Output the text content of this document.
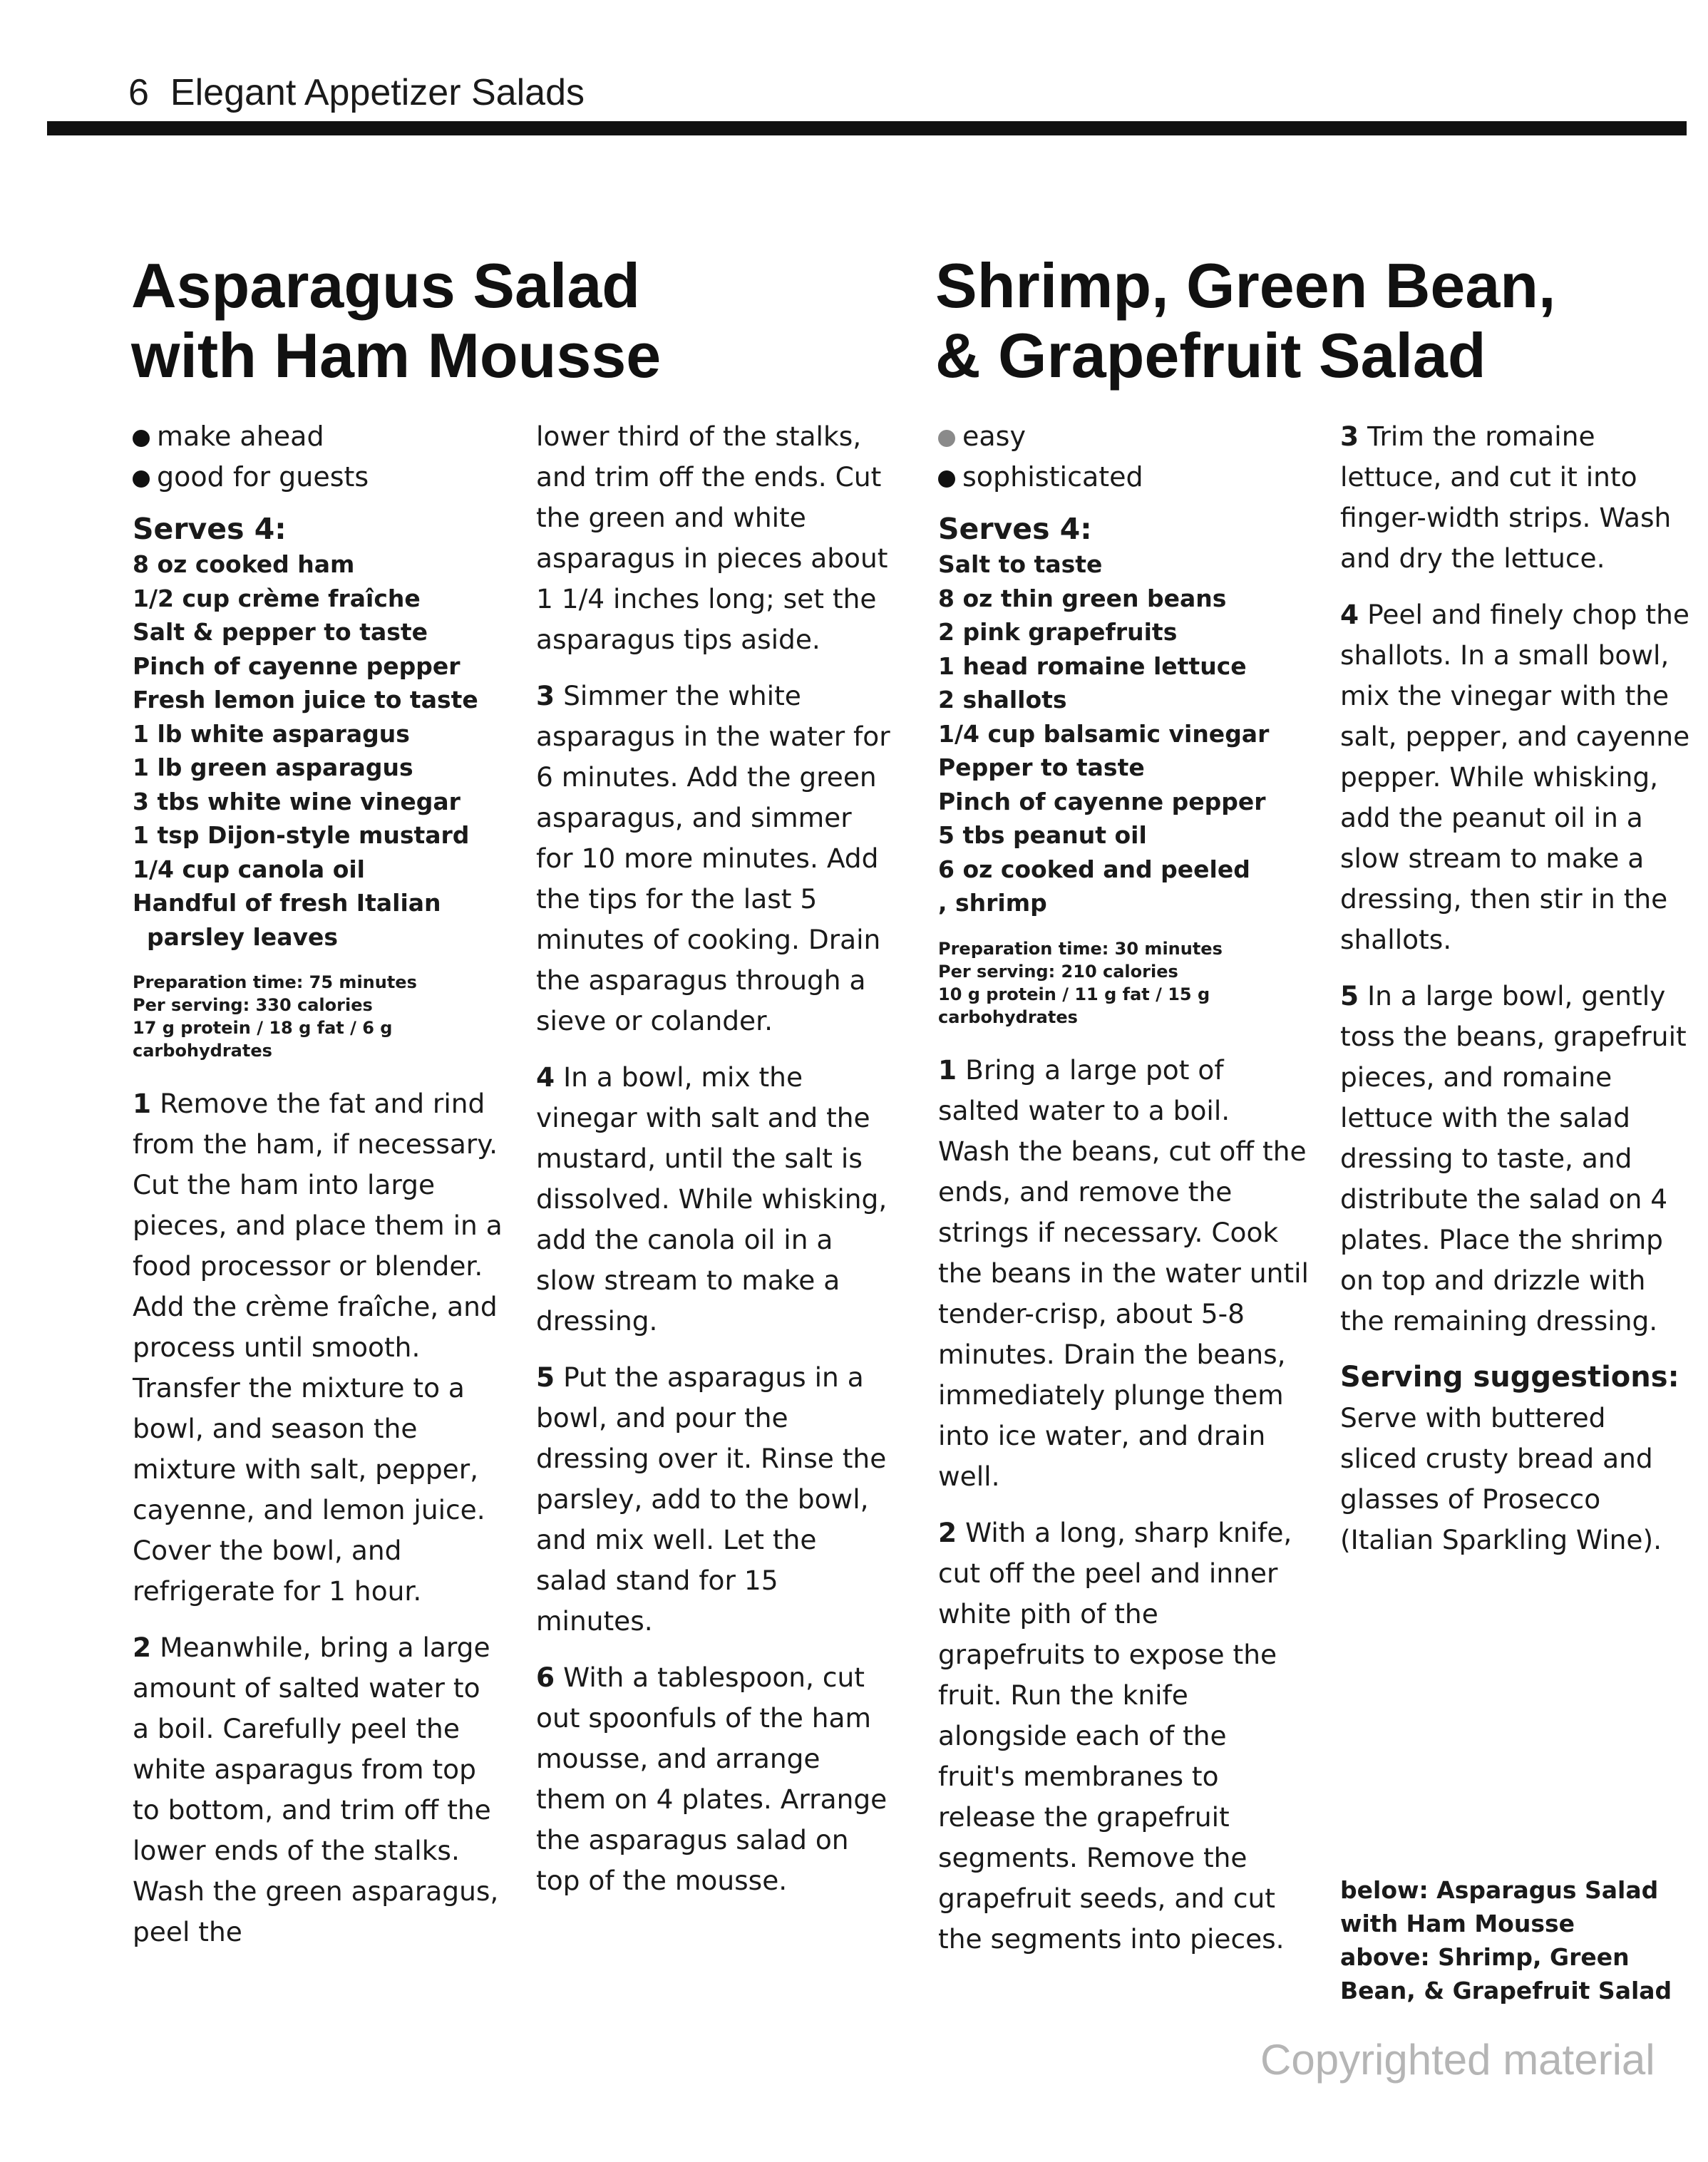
6 Elegant Appetizer Salads
Asparagus Salad
with Ham Mousse
Shrimp, Green Bean,
& Grapefruit Salad
make ahead
good for guests
Serves 4:
8 oz cooked ham
1/2 cup crème fraîche
Salt & pepper to taste
Pinch of cayenne pepper
Fresh lemon juice to taste
1 lb white asparagus
1 lb green asparagus
3 tbs white wine vinegar
1 tsp Dijon-style mustard
1/4 cup canola oil
Handful of fresh Italian
parsley leaves
Preparation time: 75 minutes
Per serving: 330 calories
17 g protein / 18 g fat / 6 g
carbohydrates

1 Remove the fat and rind from the ham, if necessary. Cut the ham into large pieces, and place them in a food processor or blender. Add the crème fraîche, and process until smooth. Transfer the mixture to a bowl, and season the mixture with salt, pepper, cayenne, and lemon juice. Cover the bowl, and refrigerate for 1 hour.

2 Meanwhile, bring a large amount of salted water to a boil. Carefully peel the white asparagus from top to bottom, and trim off the lower ends of the stalks. Wash the green asparagus, peel the

lower third of the stalks, and trim off the ends. Cut the green and white asparagus in pieces about 1 1/4 inches long; set the asparagus tips aside.

3 Simmer the white asparagus in the water for 6 minutes. Add the green asparagus, and simmer for 10 more minutes. Add the tips for the last 5 minutes of cooking. Drain the asparagus through a sieve or colander.

4 In a bowl, mix the vinegar with salt and the mustard, until the salt is dissolved. While whisking, add the canola oil in a slow stream to make a dressing.

5 Put the asparagus in a bowl, and pour the dressing over it. Rinse the parsley, add to the bowl, and mix well. Let the salad stand for 15 minutes.

6 With a tablespoon, cut out spoonfuls of the ham mousse, and arrange them on 4 plates. Arrange the asparagus salad on top of the mousse.

easy
sophisticated
Serves 4:
Salt to taste
8 oz thin green beans
2 pink grapefruits
1 head romaine lettuce
2 shallots
1/4 cup balsamic vinegar
Pepper to taste
Pinch of cayenne pepper
5 tbs peanut oil
6 oz cooked and peeled
, shrimp
Preparation time: 30 minutes
Per serving: 210 calories
10 g protein / 11 g fat / 15 g
carbohydrates

1 Bring a large pot of salted water to a boil. Wash the beans, cut off the ends, and remove the strings if necessary. Cook the beans in the water until tender-crisp, about 5-8 minutes. Drain the beans, immediately plunge them into ice water, and drain well.

2 With a long, sharp knife, cut off the peel and inner white pith of the grapefruits to expose the fruit. Run the knife alongside each of the fruit's membranes to release the grapefruit segments. Remove the grapefruit seeds, and cut the segments into pieces.

3 Trim the romaine lettuce, and cut it into finger-width strips. Wash and dry the lettuce.

4 Peel and finely chop the shallots. In a small bowl, mix the vinegar with the salt, pepper, and cayenne pepper. While whisking, add the peanut oil in a slow stream to make a dressing, then stir in the shallots.

5 In a large bowl, gently toss the beans, grapefruit pieces, and romaine lettuce with the salad dressing to taste, and distribute the salad on 4 plates. Place the shrimp on top and drizzle with the remaining dressing.

Serving suggestions:
Serve with buttered sliced crusty bread and glasses of Prosecco (Italian Sparkling Wine).

below: Asparagus Salad
with Ham Mousse
above: Shrimp, Green
Bean, & Grapefruit Salad
Copyrighted material
